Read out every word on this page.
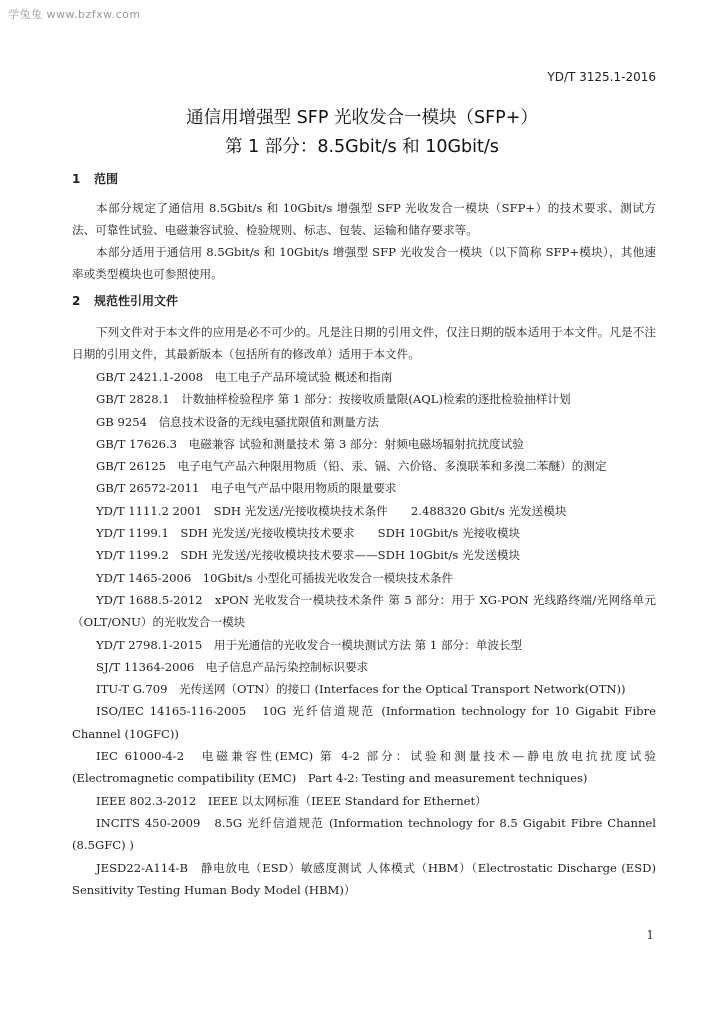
学兔兔 www.bzfxw.com
YD/T 3125.1-2016
通信用增强型 SFP 光收发合一模块（SFP+）
第 1 部分：8.5Gbit/s 和 10Gbit/s
1 范围
本部分规定了通信用 8.5Gbit/s 和 10Gbit/s 增强型 SFP 光收发合一模块（SFP+）的技术要求、测试方法、可靠性试验、电磁兼容试验、检验规则、标志、包装、运输和储存要求等。
本部分适用于通信用 8.5Gbit/s 和 10Gbit/s 增强型 SFP 光收发合一模块（以下简称 SFP+模块），其他速率或类型模块也可参照使用。
2 规范性引用文件
下列文件对于本文件的应用是必不可少的。凡是注日期的引用文件，仅注日期的版本适用于本文件。凡是不注日期的引用文件，其最新版本（包括所有的修改单）适用于本文件。
GB/T 2421.1-2008　电工电子产品环境试验 概述和指南
GB/T 2828.1　计数抽样检验程序 第 1 部分：按接收质量限(AQL)检索的逐批检验抽样计划
GB 9254　信息技术设备的无线电骚扰限值和测量方法
GB/T 17626.3　电磁兼容 试验和测量技术 第 3 部分：射频电磁场辐射抗扰度试验
GB/T 26125　电子电气产品六种限用物质（铅、汞、镉、六价铬、多溴联苯和多溴二苯醚）的测定
GB/T 26572-2011　电子电气产品中限用物质的限量要求
YD/T 1111.2 2001　SDH 光发送/光接收模块技术条件　　2.488320 Gbit/s 光发送模块
YD/T 1199.1　SDH 光发送/光接收模块技术要求　　SDH 10Gbit/s 光接收模块
YD/T 1199.2　SDH 光发送/光接收模块技术要求——SDH 10Gbit/s 光发送模块
YD/T 1465-2006　10Gbit/s 小型化可插拔光收发合一模块技术条件
YD/T 1688.5-2012　xPON 光收发合一模块技术条件 第 5 部分：用于 XG-PON 光线路终端/光网络单元（OLT/ONU）的光收发合一模块
YD/T 2798.1-2015　用于光通信的光收发合一模块测试方法 第 1 部分：单波长型
SJ/T 11364-2006　电子信息产品污染控制标识要求
ITU-T G.709　光传送网（OTN）的接口 (Interfaces for the Optical Transport Network(OTN))
ISO/IEC 14165-116-2005　10G 光纤信道规范 (Information technology for 10 Gigabit Fibre Channel (10GFC))
IEC 61000-4-2　电磁兼容性(EMC) 第 4-2 部分：试验和测量技术—静电放电抗扰度试验 (Electromagnetic compatibility (EMC)　Part 4-2: Testing and measurement techniques)
IEEE 802.3-2012　IEEE 以太网标准（IEEE Standard for Ethernet）
INCITS 450-2009　8.5G 光纤信道规范 (Information technology for 8.5 Gigabit Fibre Channel (8.5GFC) )
JESD22-A114-B　静电放电（ESD）敏感度测试 人体模式（HBM）（Electrostatic Discharge (ESD) Sensitivity Testing Human Body Model (HBM)）
1
